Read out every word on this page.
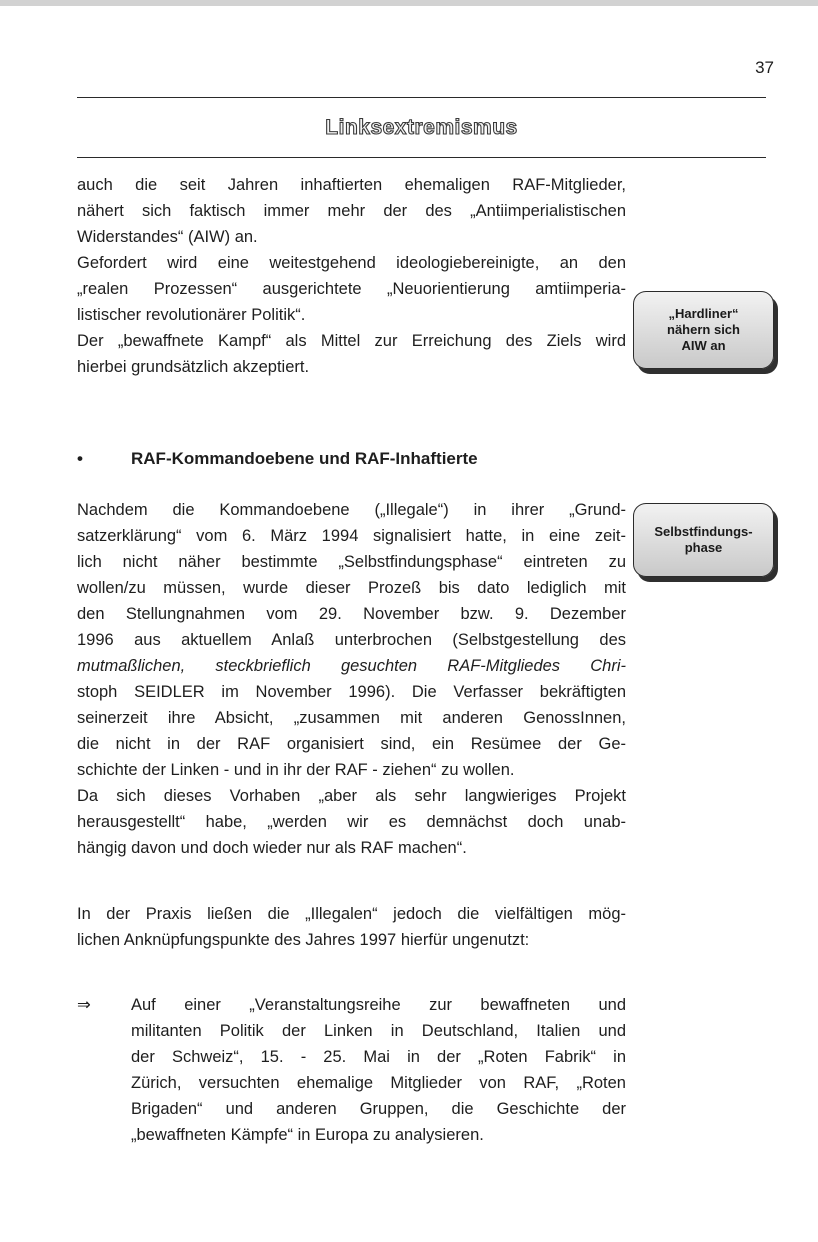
37
Linksextremismus
auch die seit Jahren inhaftierten ehemaligen RAF-Mitglieder,
nähert sich faktisch immer mehr der des „Antiimperialistischen
Widerstandes“ (AIW) an.
Gefordert wird eine weitestgehend ideologiebereinigte, an den
„realen Prozessen“ ausgerichtete „Neuorientierung amtiimperia-
listischer revolutionärer Politik“.
Der „bewaffnete Kampf“ als Mittel zur Erreichung des Ziels wird
hierbei grundsätzlich akzeptiert.
„Hardliner“
nähern sich
AIW an
•	RAF-Kommandoebene und RAF-Inhaftierte
Selbstfindungs-
phase
Nachdem die Kommandoebene („Illegale“) in ihrer „Grund-
satzerklärung“ vom 6. März 1994 signalisiert hatte, in eine zeit-
lich nicht näher bestimmte „Selbstfindungsphase“ eintreten zu
wollen/zu müssen, wurde dieser Prozeß bis dato lediglich mit
den Stellungnahmen vom 29. November bzw. 9. Dezember
1996 aus aktuellem Anlaß unterbrochen (Selbstgestellung des
mutmaßlichen, steckbrieflich gesuchten RAF-Mitgliedes Chri-
stoph SEIDLER im November 1996). Die Verfasser bekräftigten
seinerzeit ihre Absicht, „zusammen mit anderen GenossInnen,
die nicht in der RAF organisiert sind, ein Resümee der Ge-
schichte der Linken - und in ihr der RAF - ziehen“ zu wollen.
Da sich dieses Vorhaben „aber als sehr langwieriges Projekt
herausgestellt“ habe, „werden wir es demnächst doch unab-
hängig davon und doch wieder nur als RAF machen“.
In der Praxis ließen die „Illegalen“ jedoch die vielfältigen mög-
lichen Anknüpfungspunkte des Jahres 1997 hierfür ungenutzt:
⇒ Auf einer „Veranstaltungsreihe zur bewaffneten und
militanten Politik der Linken in Deutschland, Italien und
der Schweiz“, 15. - 25. Mai in der „Roten Fabrik“ in
Zürich, versuchten ehemalige Mitglieder von RAF, „Roten
Brigaden“ und anderen Gruppen, die Geschichte der
„bewaffneten Kämpfe“ in Europa zu analysieren.
